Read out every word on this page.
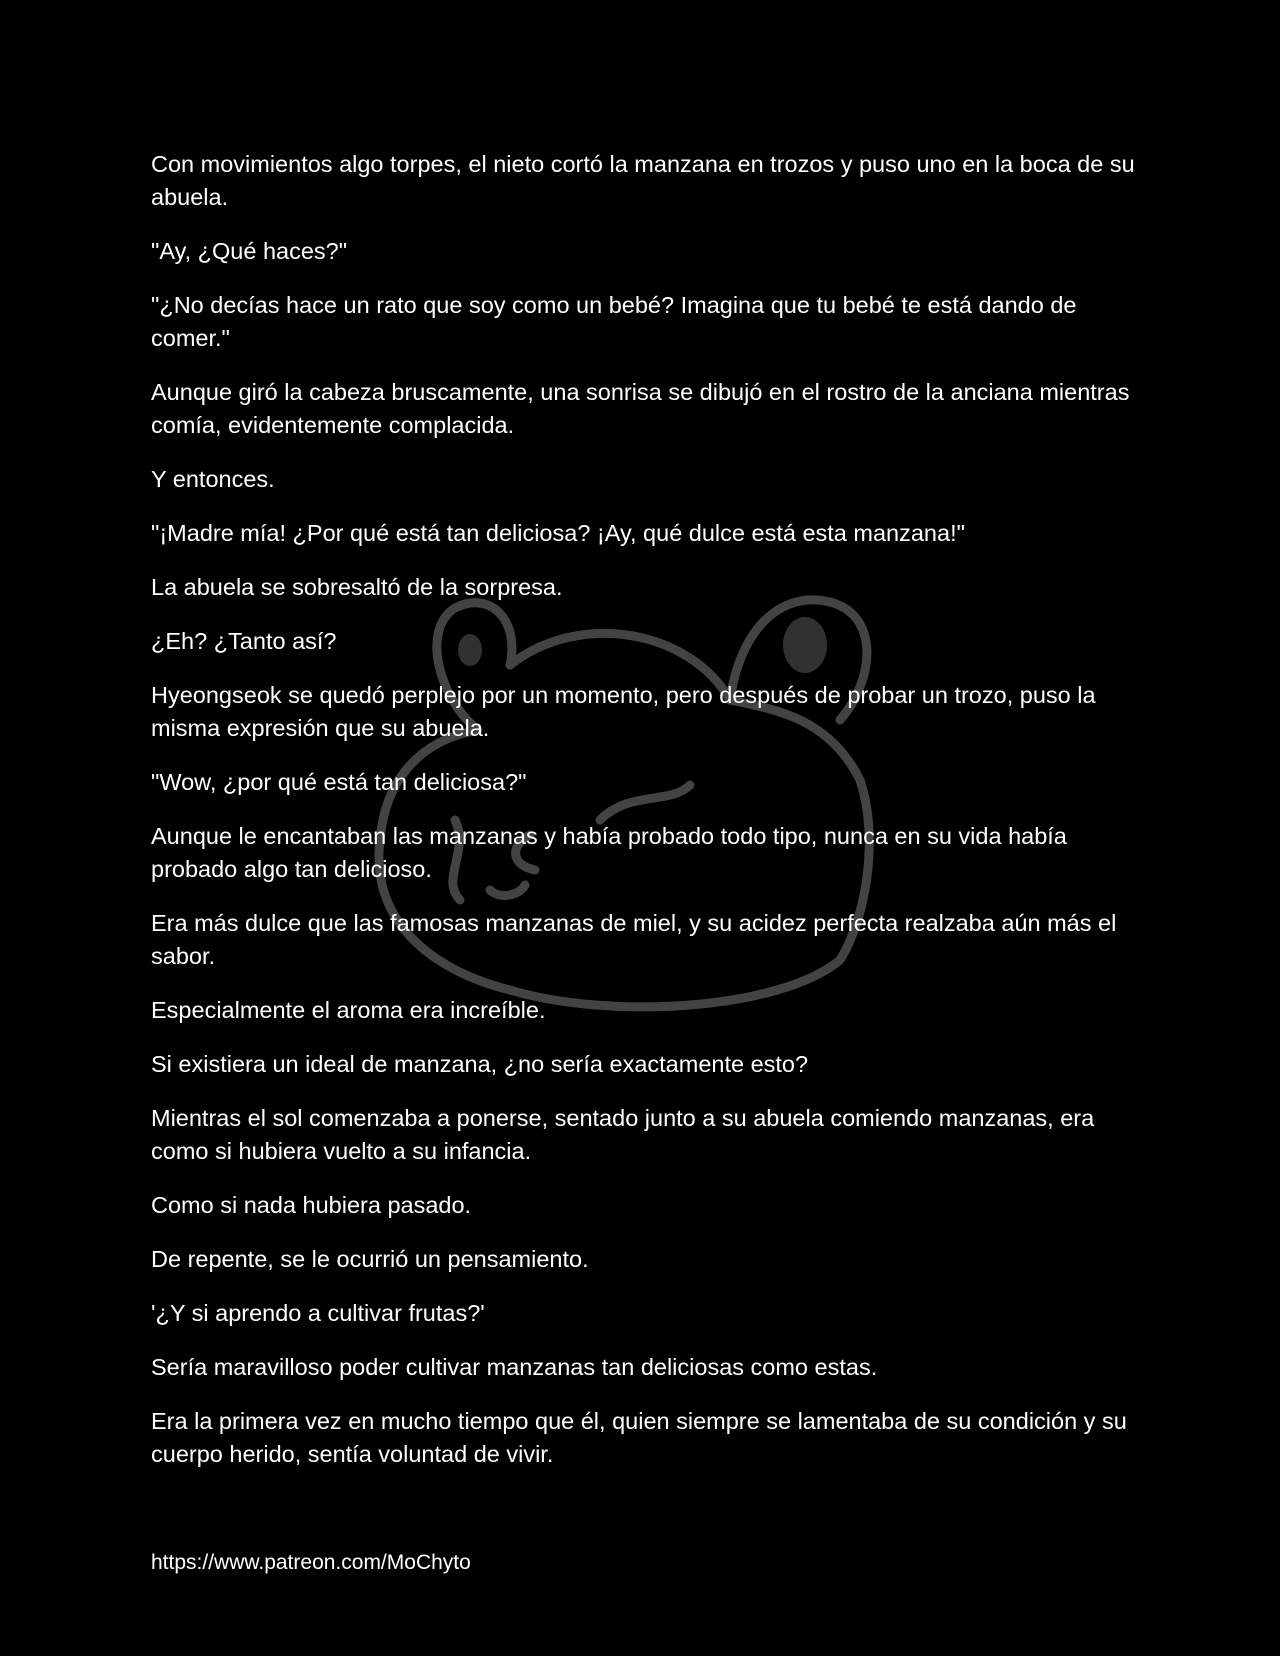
Con movimientos algo torpes, el nieto cortó la manzana en trozos y puso uno en la boca de su abuela.

"Ay, ¿Qué haces?"

"¿No decías hace un rato que soy como un bebé? Imagina que tu bebé te está dando de comer."

Aunque giró la cabeza bruscamente, una sonrisa se dibujó en el rostro de la anciana mientras comía, evidentemente complacida.

Y entonces.

"¡Madre mía! ¿Por qué está tan deliciosa? ¡Ay, qué dulce está esta manzana!"

La abuela se sobresaltó de la sorpresa.

¿Eh? ¿Tanto así?

Hyeongseok se quedó perplejo por un momento, pero después de probar un trozo, puso la misma expresión que su abuela.

"Wow, ¿por qué está tan deliciosa?"

Aunque le encantaban las manzanas y había probado todo tipo, nunca en su vida había probado algo tan delicioso.

Era más dulce que las famosas manzanas de miel, y su acidez perfecta realzaba aún más el sabor.

Especialmente el aroma era increíble.

Si existiera un ideal de manzana, ¿no sería exactamente esto?

Mientras el sol comenzaba a ponerse, sentado junto a su abuela comiendo manzanas, era como si hubiera vuelto a su infancia.

Como si nada hubiera pasado.

De repente, se le ocurrió un pensamiento.

'¿Y si aprendo a cultivar frutas?'

Sería maravilloso poder cultivar manzanas tan deliciosas como estas.

Era la primera vez en mucho tiempo que él, quien siempre se lamentaba de su condición y su cuerpo herido, sentía voluntad de vivir.

https://www.patreon.com/MoChyto
